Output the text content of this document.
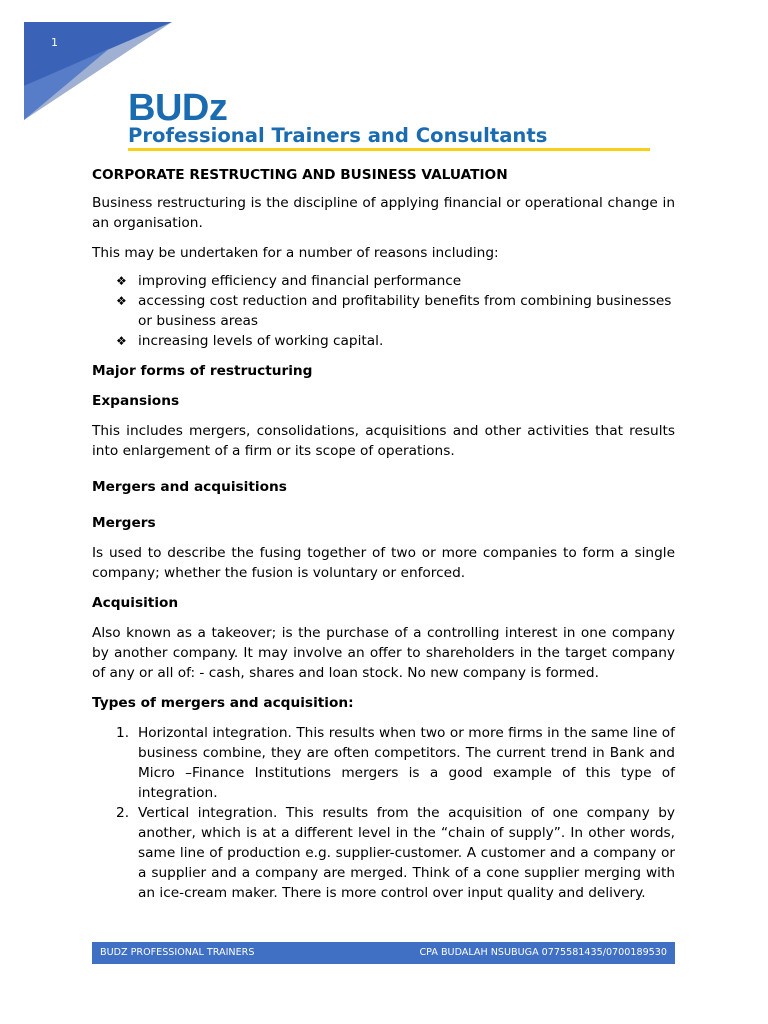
1
BUDz
Professional Trainers and Consultants
CORPORATE RESTRUCTING AND BUSINESS VALUATION

Business restructuring is the discipline of applying financial or operational change in an organisation.

This may be undertaken for a number of reasons including:

❖ improving efficiency and financial performance
❖ accessing cost reduction and profitability benefits from combining businesses or business areas
❖ increasing levels of working capital.
Major forms of restructuring
Expansions

This includes mergers, consolidations, acquisitions and other activities that results into enlargement of a firm or its scope of operations.

Mergers and acquisitions
Mergers

Is used to describe the fusing together of two or more companies to form a single company; whether the fusion is voluntary or enforced.

Acquisition

Also known as a takeover; is the purchase of a controlling interest in one company by another company. It may involve an offer to shareholders in the target company of any or all of: - cash, shares and loan stock. No new company is formed.

Types of mergers and acquisition:
1. Horizontal integration. This results when two or more firms in the same line of business combine, they are often competitors. The current trend in Bank and Micro –Finance Institutions mergers is a good example of this type of integration.
2. Vertical integration. This results from the acquisition of one company by another, which is at a different level in the “chain of supply”. In other words, same line of production e.g. supplier-customer. A customer and a company or a supplier and a company are merged. Think of a cone supplier merging with an ice-cream maker. There is more control over input quality and delivery.
BUDZ PROFESSIONAL TRAINERS	CPA BUDALAH NSUBUGA 0775581435/0700189530
